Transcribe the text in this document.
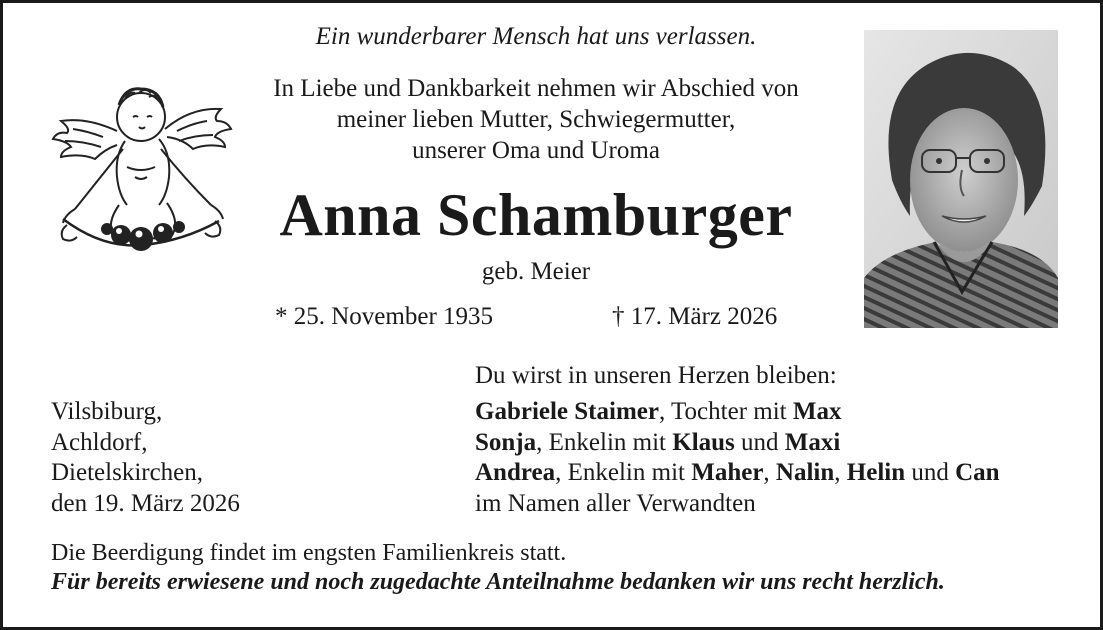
Ein wunderbarer Mensch hat uns verlassen.
In Liebe und Dankbarkeit nehmen wir Abschied von
meiner lieben Mutter, Schwiegermutter,
unserer Oma und Uroma
Anna Schamburger
geb. Meier
* 25. November 1935	† 17. März 2026
Du wirst in unseren Herzen bleiben:
Gabriele Staimer, Tochter mit Max
Sonja, Enkelin mit Klaus und Maxi
Andrea, Enkelin mit Maher, Nalin, Helin und Can
im Namen aller Verwandten
Vilsbiburg,
Achldorf,
Dietelskirchen,
den 19. März 2026
Die Beerdigung findet im engsten Familienkreis statt.
Für bereits erwiesene und noch zugedachte Anteilnahme bedanken wir uns recht herzlich.
